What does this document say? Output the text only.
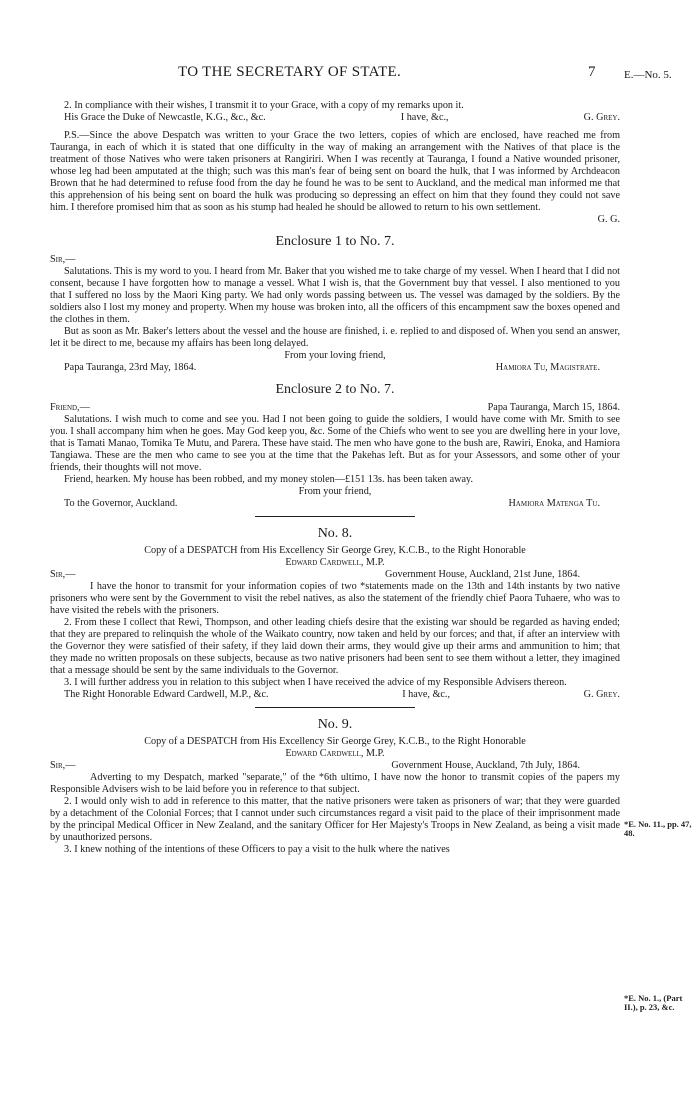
TO THE SECRETARY OF STATE.	7	E.—No. 5.

2. In compliance with their wishes, I transmit it to your Grace, with a copy of my remarks upon it.

His Grace the Duke of Newcastle, K.G., &c., &c.	I have, &c.,	G. Grey.

P.S.—Since the above Despatch was written to your Grace the two letters, copies of which are enclosed, have reached me from Tauranga, in each of which it is stated that one difficulty in the way of making an arrangement with the Natives of that place is the treatment of those Natives who were taken prisoners at Rangiriri. When I was recently at Tauranga, I found a Native wounded prisoner, whose leg had been amputated at the thigh; such was this man's fear of being sent on board the hulk, that I was informed by Archdeacon Brown that he had determined to refuse food from the day he found he was to be sent to Auckland, and the medical man informed me that this apprehension of his being sent on board the hulk was producing so depressing an effect on him that they found they could not save him. I therefore promised him that as soon as his stump had healed he should be allowed to return to his own settlement.

G. G.

Enclosure 1 to No. 7.

Sir,—

Salutations. This is my word to you. I heard from Mr. Baker that you wished me to take charge of my vessel. When I heard that I did not consent, because I have forgotten how to manage a vessel. What I wish is, that the Government buy that vessel. I also mentioned to you that I suffered no loss by the Maori King party. We had only words passing between us. The vessel was damaged by the soldiers. By the soldiers also I lost my money and property. When my house was broken into, all the officers of this encampment saw the boxes opened and the clothes in them.

But as soon as Mr. Baker's letters about the vessel and the house are finished, i. e. replied to and disposed of. When you send an answer, let it be direct to me, because my affairs has been long delayed.

From your loving friend,

Papa Tauranga, 23rd May, 1864.	Hamiora Tu, Magistrate.
Enclosure 2 to No. 7.
Friend,—	Papa Tauranga, March 15, 1864.

Salutations. I wish much to come and see you. Had I not been going to guide the soldiers, I would have come with Mr. Smith to see you. I shall accompany him when he goes. May God keep you, &c. Some of the Chiefs who went to see you are dwelling here in your love, that is Tamati Manao, Tomika Te Mutu, and Parera. These have staid. The men who have gone to the bush are, Rawiri, Enoka, and Hamiora Tangiawa. These are the men who came to see you at the time that the Pakehas left. But as for your Assessors, and some other of your friends, their thoughts will not move.

Friend, hearken. My house has been robbed, and my money stolen—£151 13s. has been taken away.

From your friend,

To the Governor, Auckland.	Hamiora Matenga Tu.
No. 8.

Copy of a DESPATCH from His Excellency Sir George Grey, K.C.B., to the Right Honorable

Edward Cardwell, M.P.

Sir,—	Government House, Auckland, 21st June, 1864.

I have the honor to transmit for your information copies of two *statements made on the 13th and 14th instants by two native prisoners who were sent by the Government to visit the rebel natives, as also the statement of the friendly chief Paora Tuhaere, who was to have visited the rebels with the prisoners.

2. From these I collect that Rewi, Thompson, and other leading chiefs desire that the existing war should be regarded as having ended; that they are prepared to relinquish the whole of the Waikato country, now taken and held by our forces; and that, if after an interview with the Governor they were satisfied of their safety, if they laid down their arms, they would give up their arms and ammunition to him; that they made no written proposals on these subjects, because as two native prisoners had been sent to see them without a letter, they imagined that a message should be sent by the same individuals to the Governor.

3. I will further address you in relation to this subject when I have received the advice of my Responsible Advisers thereon.

The Right Honorable Edward Cardwell, M.P., &c.	I have, &c.,	G. Grey.
No. 9.

Copy of a DESPATCH from His Excellency Sir George Grey, K.C.B., to the Right Honorable

Edward Cardwell, M.P.

Sir,—	Government House, Auckland, 7th July, 1864.

Adverting to my Despatch, marked "separate," of the *6th ultimo, I have now the honor to transmit copies of the papers my Responsible Advisers wish to be laid before you in reference to that subject.

2. I would only wish to add in reference to this matter, that the native prisoners were taken as prisoners of war; that they were guarded by a detachment of the Colonial Forces; that I cannot under such circumstances regard a visit paid to the place of their imprisonment made by the principal Medical Officer in New Zealand, and the sanitary Officer for Her Majesty's Troops in New Zealand, as being a visit made by unauthorized persons.

3. I knew nothing of the intentions of these Officers to pay a visit to the hulk where the natives

*E. No. 11., pp. 47, 48.
*E. No. 1., (Part II.), p. 23, &c.
